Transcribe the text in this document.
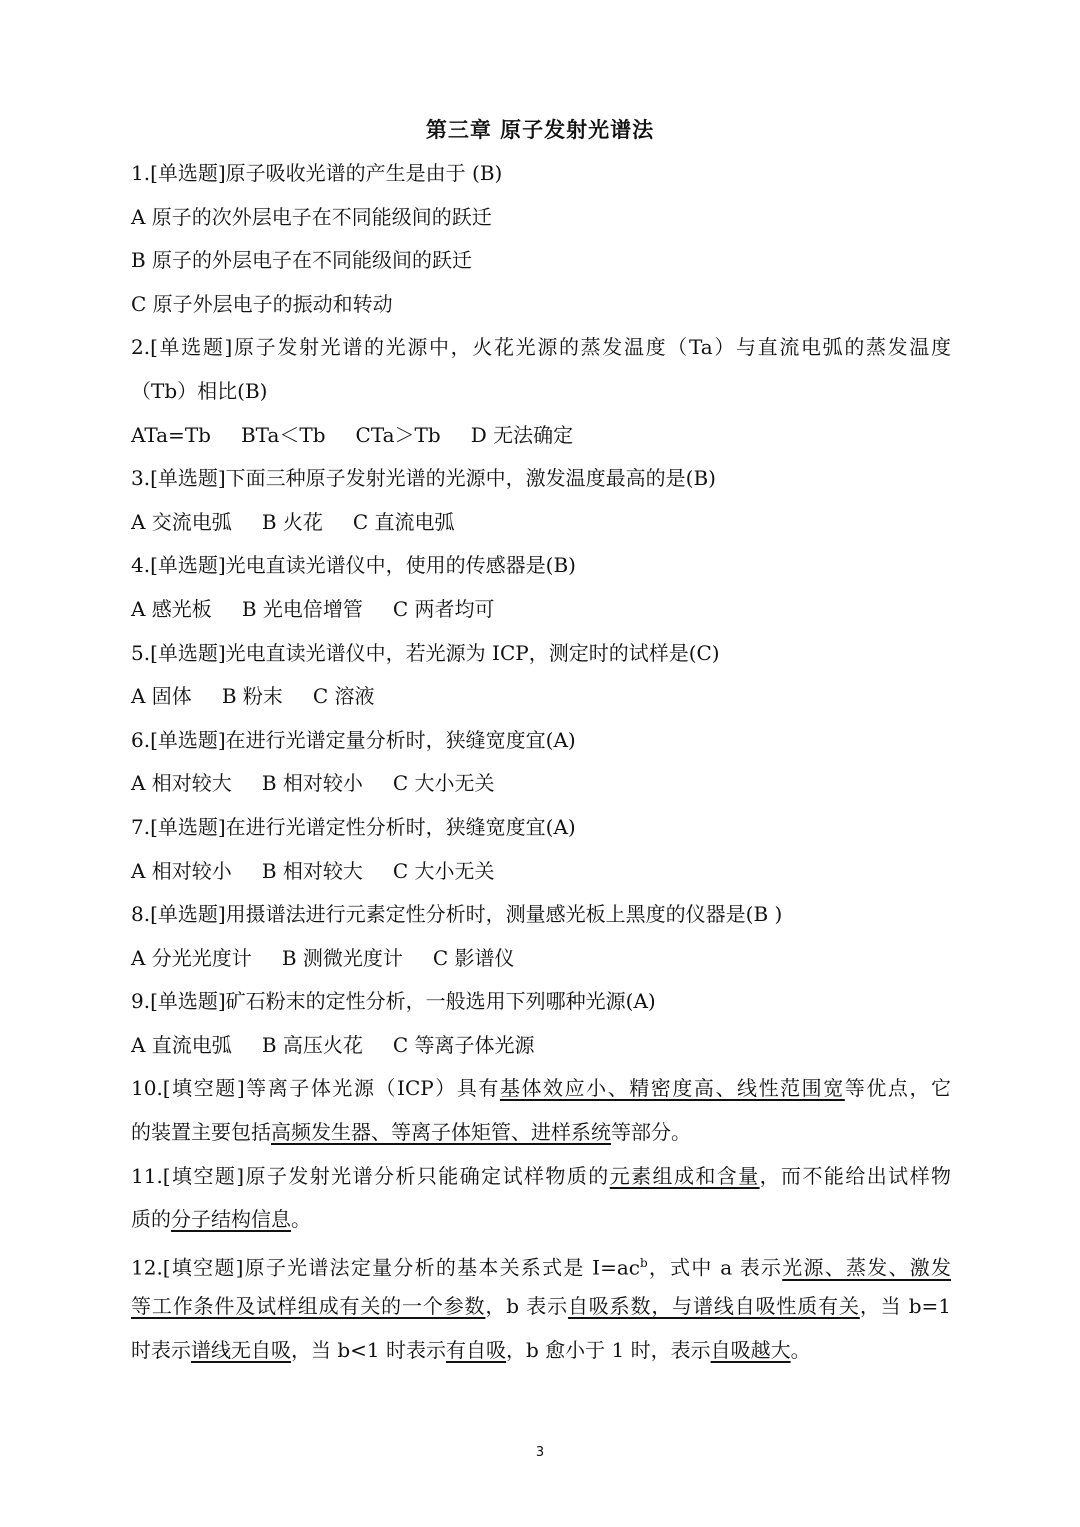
第三章 原子发射光谱法
1.[单选题]原子吸收光谱的产生是由于 (B)
A 原子的次外层电子在不同能级间的跃迁
B 原子的外层电子在不同能级间的跃迁
C 原子外层电子的振动和转动
2.[单选题]原子发射光谱的光源中，火花光源的蒸发温度（Ta）与直流电弧的蒸发温度
（Tb）相比(B)
ATa=Tb BTa＜Tb CTa＞Tb D 无法确定
3.[单选题]下面三种原子发射光谱的光源中，激发温度最高的是(B)
A 交流电弧 B 火花 C 直流电弧
4.[单选题]光电直读光谱仪中，使用的传感器是(B)
A 感光板 B 光电倍增管 C 两者均可
5.[单选题]光电直读光谱仪中，若光源为 ICP，测定时的试样是(C)
A 固体 B 粉末 C 溶液
6.[单选题]在进行光谱定量分析时，狭缝宽度宜(A)
A 相对较大 B 相对较小 C 大小无关
7.[单选题]在进行光谱定性分析时，狭缝宽度宜(A)
A 相对较小 B 相对较大 C 大小无关
8.[单选题]用摄谱法进行元素定性分析时，测量感光板上黑度的仪器是(B )
A 分光光度计 B 测微光度计 C 影谱仪
9.[单选题]矿石粉末的定性分析，一般选用下列哪种光源(A)
A 直流电弧 B 高压火花 C 等离子体光源
10.[填空题]等离子体光源（ICP）具有基体效应小、精密度高、线性范围宽等优点，它
的装置主要包括高频发生器、等离子体矩管、进样系统等部分。
11.[填空题]原子发射光谱分析只能确定试样物质的元素组成和含量，而不能给出试样物
质的分子结构信息。
12.[填空题]原子光谱法定量分析的基本关系式是 $I=ac^b$，式中 a 表示光源、蒸发、激发
等工作条件及试样组成有关的一个参数，b 表示自吸系数，与谱线自吸性质有关，当 b=1
时表示谱线无自吸，当 b<1 时表示有自吸，b 愈小于 1 时，表示自吸越大。
3
